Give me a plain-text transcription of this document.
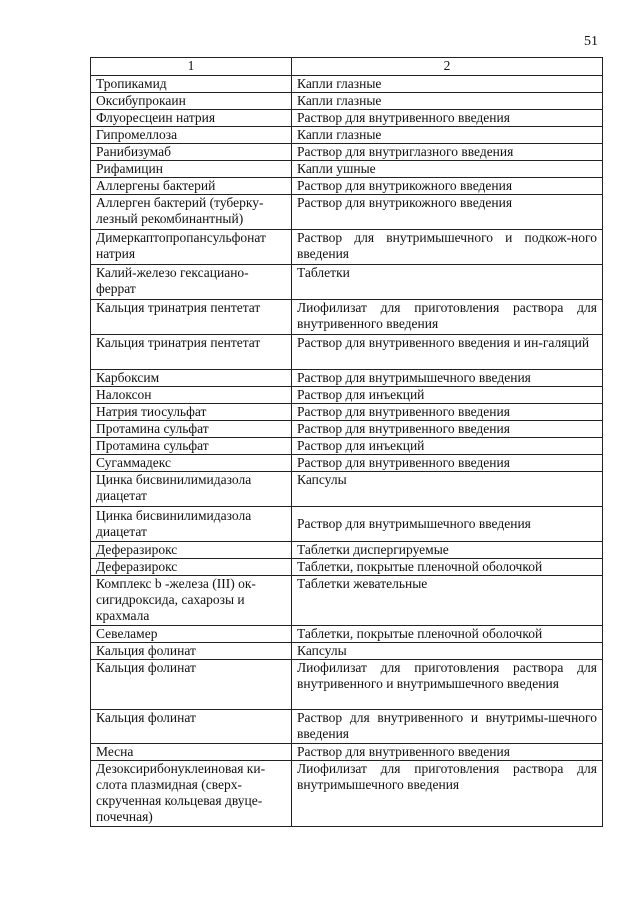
51
1	2
Тропикамид	Капли глазные
Оксибупрокаин	Капли глазные
Флуоресцеин натрия	Раствор для внутривенного введения
Гипромеллоза	Капли глазные
Ранибизумаб	Раствор для внутриглазного введения
Рифамицин	Капли ушные
Аллергены бактерий	Раствор для внутрикожного введения
Аллерген бактерий (туберку-лезный рекомбинантный)	Раствор для внутрикожного введения
Димеркаптопропансульфонат натрия	Раствор для внутримышечного и подкож-ного введения
Калий-железо гексациано-феррат	Таблетки
Кальция тринатрия пентетат	Лиофилизат для приготовления раствора для внутривенного введения
Кальция тринатрия пентетат	Раствор для внутривенного введения и ин-галяций
Карбоксим	Раствор для внутримышечного введения
Налоксон	Раствор для инъекций
Натрия тиосульфат	Раствор для внутривенного введения
Протамина сульфат	Раствор для внутривенного введения
Протамина сульфат	Раствор для инъекций
Сугаммадекс	Раствор для внутривенного введения
Цинка бисвинилимидазола диацетат	Капсулы
Цинка бисвинилимидазола диацетат	Раствор для внутримышечного введения
Деферазирокс	Таблетки диспергируемые
Деферазирокс	Таблетки, покрытые пленочной оболочкой
Комплекс b -железа (III) ок-сигидроксида, сахарозы и крахмала	Таблетки жевательные
Севеламер	Таблетки, покрытые пленочной оболочкой
Кальция фолинат	Капсулы
Кальция фолинат	Лиофилизат для приготовления раствора для внутривенного и внутримышечного введения
Кальция фолинат	Раствор для внутривенного и внутримы-шечного введения
Месна	Раствор для внутривенного введения
Дезоксирибонуклеиновая ки-слота плазмидная (сверх-скрученная кольцевая двуце-почечная)	Лиофилизат для приготовления раствора для внутримышечного введения
